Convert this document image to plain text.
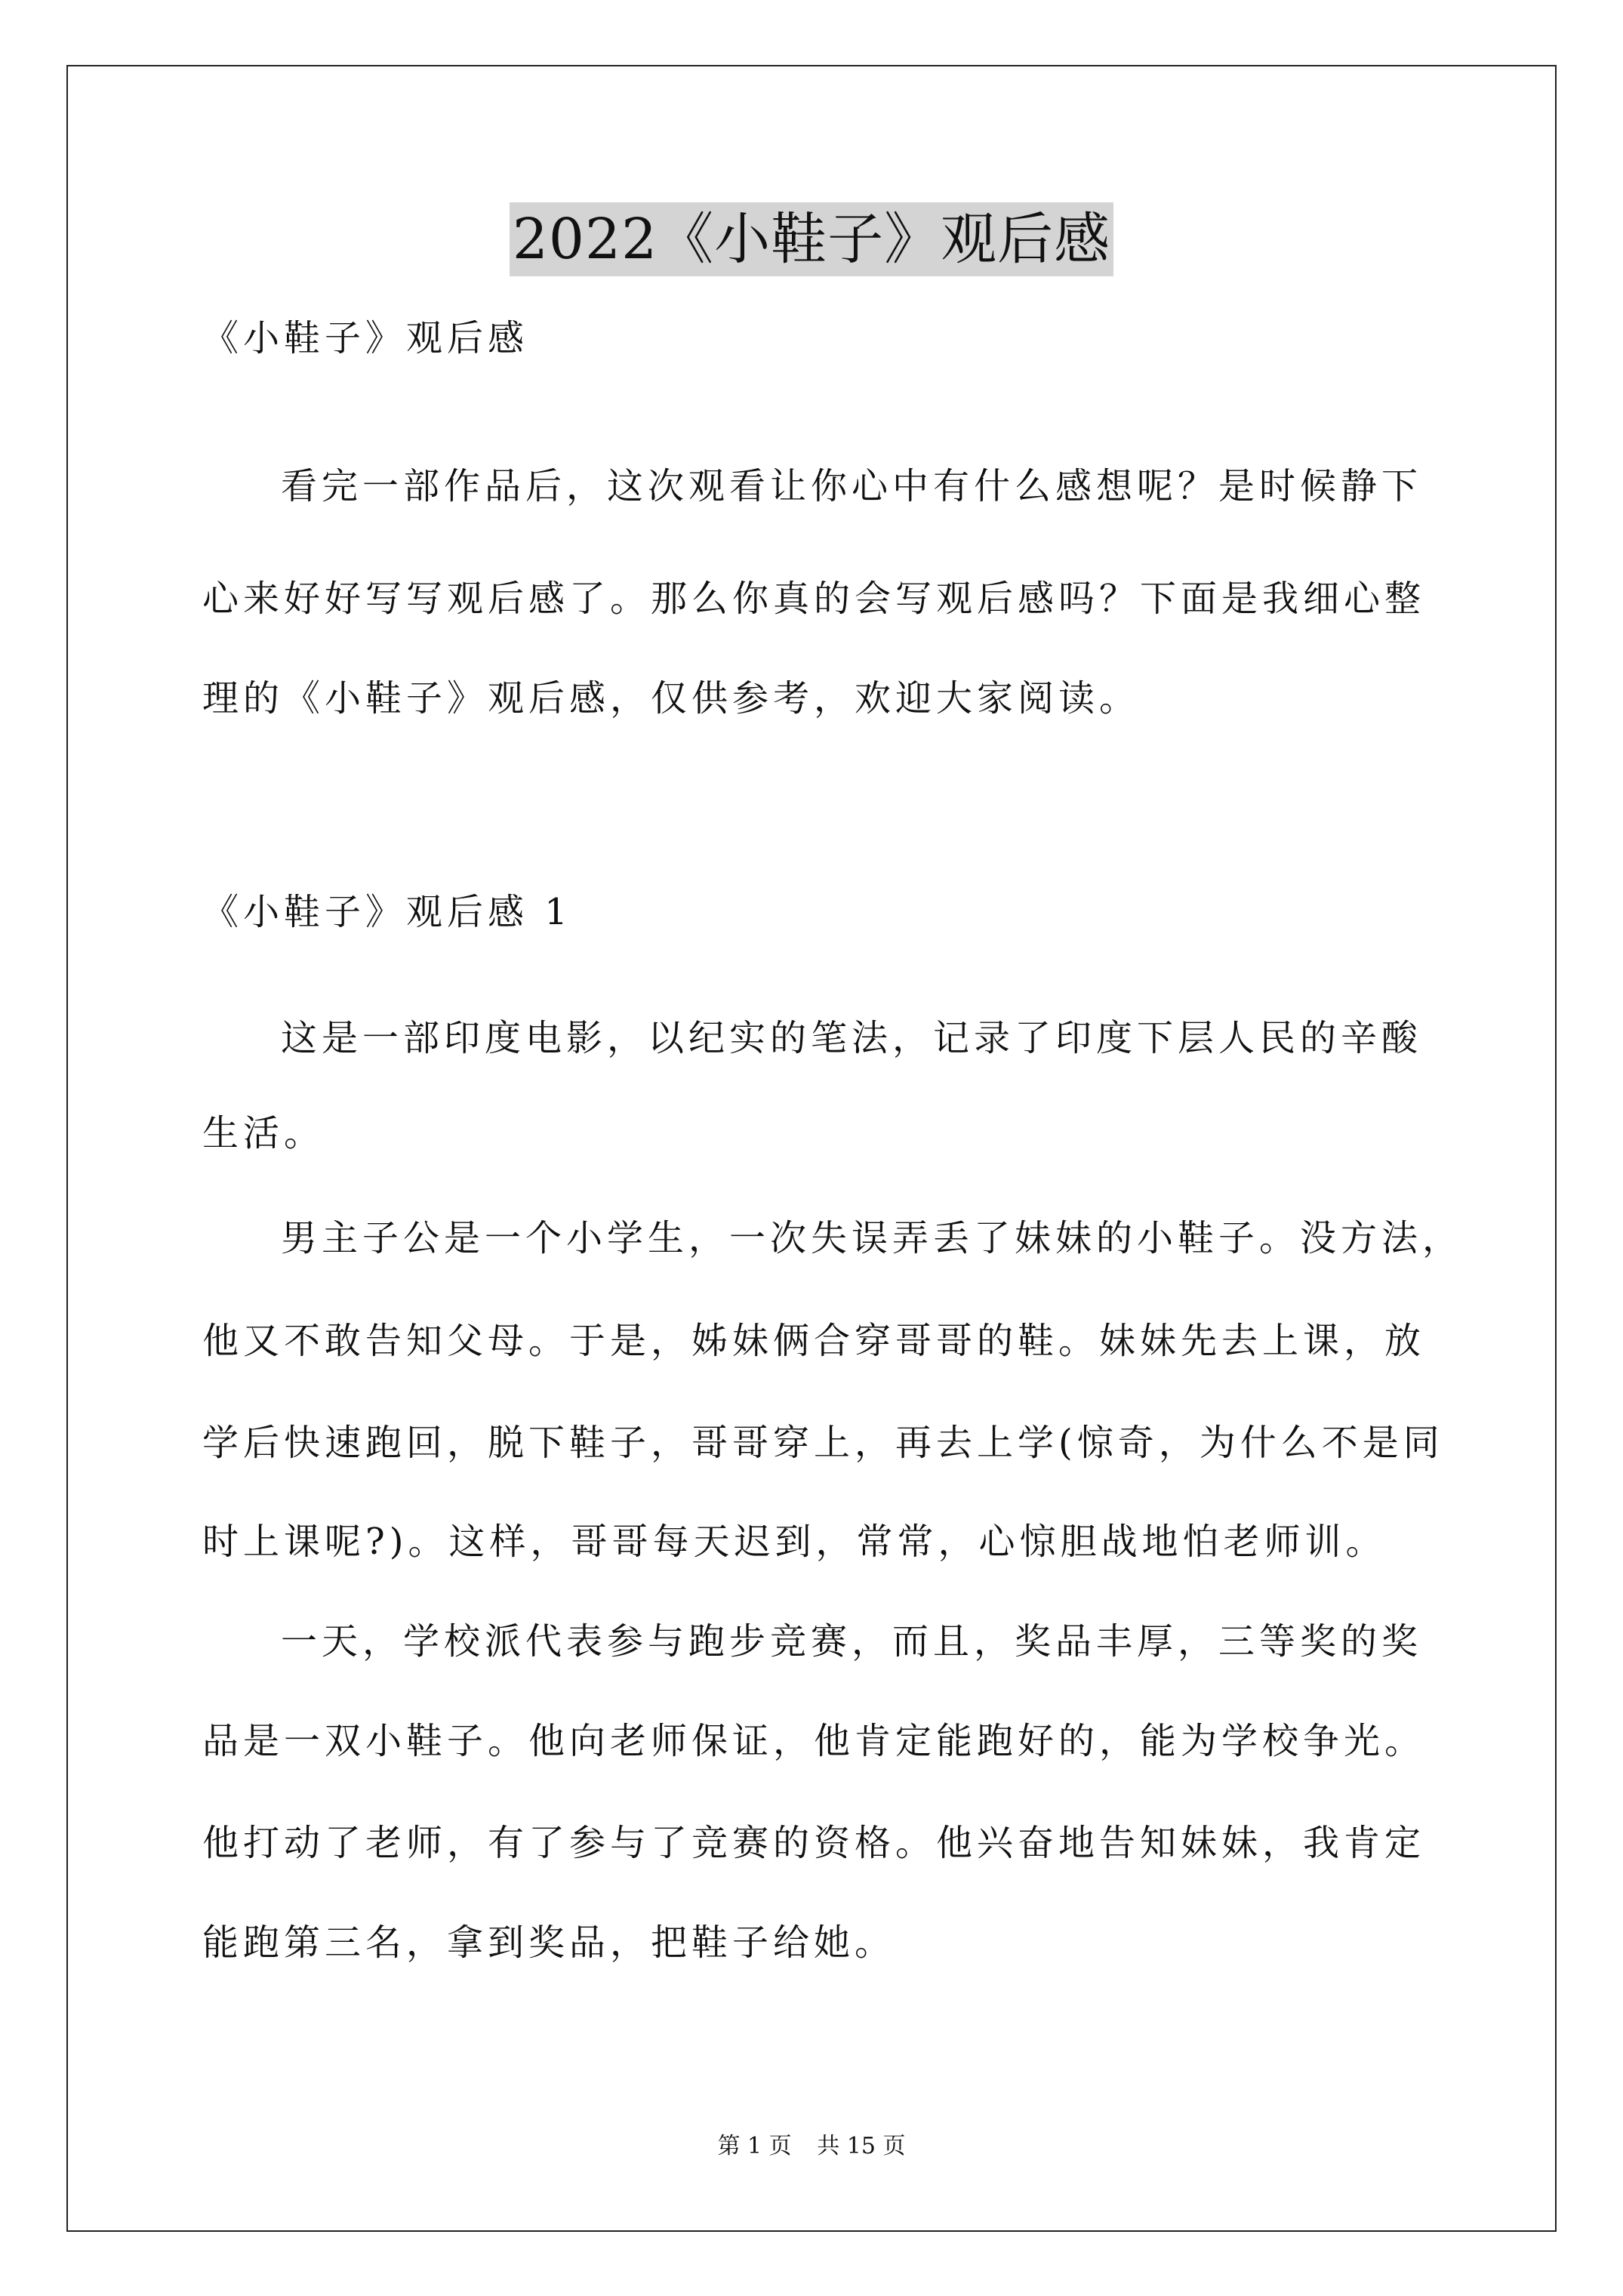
2022《小鞋子》观后感
《小鞋子》观后感
看完一部作品后，这次观看让你心中有什么感想呢？是时候静下
心来好好写写观后感了。那么你真的会写观后感吗？下面是我细心整
理的《小鞋子》观后感，仅供参考，欢迎大家阅读。
《小鞋子》观后感 1
这是一部印度电影，以纪实的笔法，记录了印度下层人民的辛酸
生活。
男主子公是一个小学生，一次失误弄丢了妹妹的小鞋子。没方法，
他又不敢告知父母。于是，姊妹俩合穿哥哥的鞋。妹妹先去上课，放
学后快速跑回，脱下鞋子，哥哥穿上，再去上学(惊奇，为什么不是同
时上课呢?)。这样，哥哥每天迟到，常常，心惊胆战地怕老师训。
一天，学校派代表参与跑步竞赛，而且，奖品丰厚，三等奖的奖
品是一双小鞋子。他向老师保证，他肯定能跑好的，能为学校争光。
他打动了老师，有了参与了竞赛的资格。他兴奋地告知妹妹，我肯定
能跑第三名，拿到奖品，把鞋子给她。
第 1 页 共 15 页
